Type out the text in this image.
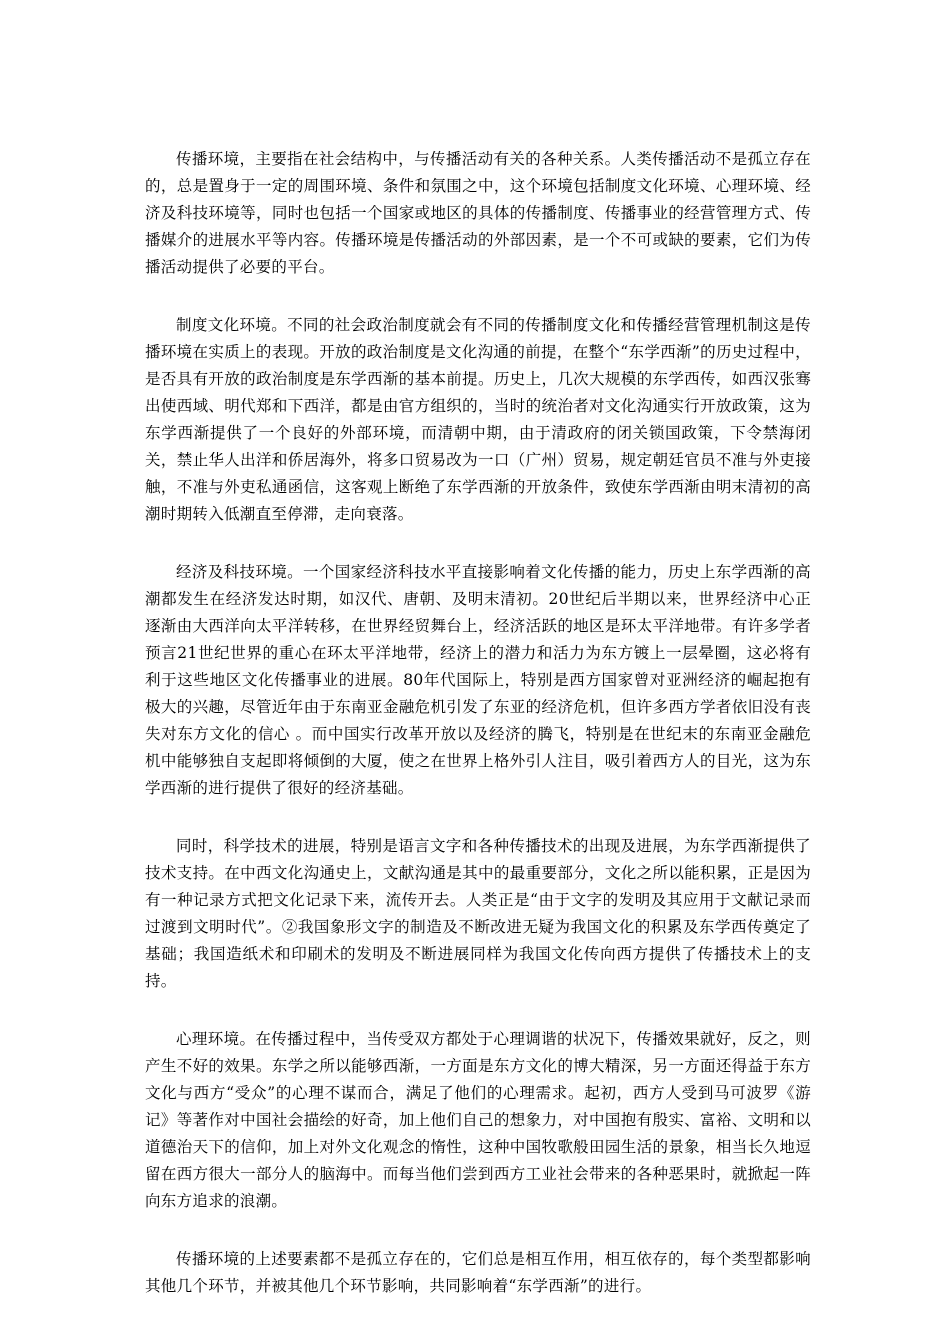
传播环境，主要指在社会结构中，与传播活动有关的各种关系。人类传播活动不是孤立存在的，总是置身于一定的周围环境、条件和氛围之中，这个环境包括制度文化环境、心理环境、经济及科技环境等，同时也包括一个国家或地区的具体的传播制度、传播事业的经营管理方式、传播媒介的进展水平等内容。传播环境是传播活动的外部因素，是一个不可或缺的要素，它们为传播活动提供了必要的平台。

制度文化环境。不同的社会政治制度就会有不同的传播制度文化和传播经营管理机制这是传播环境在实质上的表现。开放的政治制度是文化沟通的前提，在整个“东学西渐”的历史过程中，是否具有开放的政治制度是东学西渐的基本前提。历史上，几次大规模的东学西传，如西汉张骞出使西域、明代郑和下西洋，都是由官方组织的，当时的统治者对文化沟通实行开放政策，这为东学西渐提供了一个良好的外部环境，而清朝中期，由于清政府的闭关锁国政策，下令禁海闭关，禁止华人出洋和侨居海外，将多口贸易改为一口（广州）贸易，规定朝廷官员不准与外吏接触，不准与外吏私通函信，这客观上断绝了东学西渐的开放条件，致使东学西渐由明末清初的高潮时期转入低潮直至停滞，走向衰落。

经济及科技环境。一个国家经济科技水平直接影响着文化传播的能力，历史上东学西渐的高潮都发生在经济发达时期，如汉代、唐朝、及明末清初。20世纪后半期以来，世界经济中心正逐渐由大西洋向太平洋转移，在世界经贸舞台上，经济活跃的地区是环太平洋地带。有许多学者预言21世纪世界的重心在环太平洋地带，经济上的潜力和活力为东方镀上一层晕圈，这必将有利于这些地区文化传播事业的进展。80年代国际上，特别是西方国家曾对亚洲经济的崛起抱有极大的兴趣，尽管近年由于东南亚金融危机引发了东亚的经济危机，但许多西方学者依旧没有丧失对东方文化的信心 。而中国实行改革开放以及经济的腾飞，特别是在世纪末的东南亚金融危机中能够独自支起即将倾倒的大厦，使之在世界上格外引人注目，吸引着西方人的目光，这为东学西渐的进行提供了很好的经济基础。

同时，科学技术的进展，特别是语言文字和各种传播技术的出现及进展，为东学西渐提供了技术支持。在中西文化沟通史上，文献沟通是其中的最重要部分，文化之所以能积累，正是因为有一种记录方式把文化记录下来，流传开去。人类正是“由于文字的发明及其应用于文献记录而过渡到文明时代”。②我国象形文字的制造及不断改进无疑为我国文化的积累及东学西传奠定了基础；我国造纸术和印刷术的发明及不断进展同样为我国文化传向西方提供了传播技术上的支持。

心理环境。在传播过程中，当传受双方都处于心理调谐的状况下，传播效果就好，反之，则产生不好的效果。东学之所以能够西渐，一方面是东方文化的博大精深，另一方面还得益于东方文化与西方“受众”的心理不谋而合，满足了他们的心理需求。起初，西方人受到马可波罗《游记》等著作对中国社会描绘的好奇，加上他们自己的想象力，对中国抱有殷实、富裕、文明和以道德治天下的信仰，加上对外文化观念的惰性，这种中国牧歌般田园生活的景象，相当长久地逗留在西方很大一部分人的脑海中。而每当他们尝到西方工业社会带来的各种恶果时，就掀起一阵向东方追求的浪潮。

传播环境的上述要素都不是孤立存在的，它们总是相互作用，相互依存的，每个类型都影响其他几个环节，并被其他几个环节影响，共同影响着“东学西渐”的进行。
